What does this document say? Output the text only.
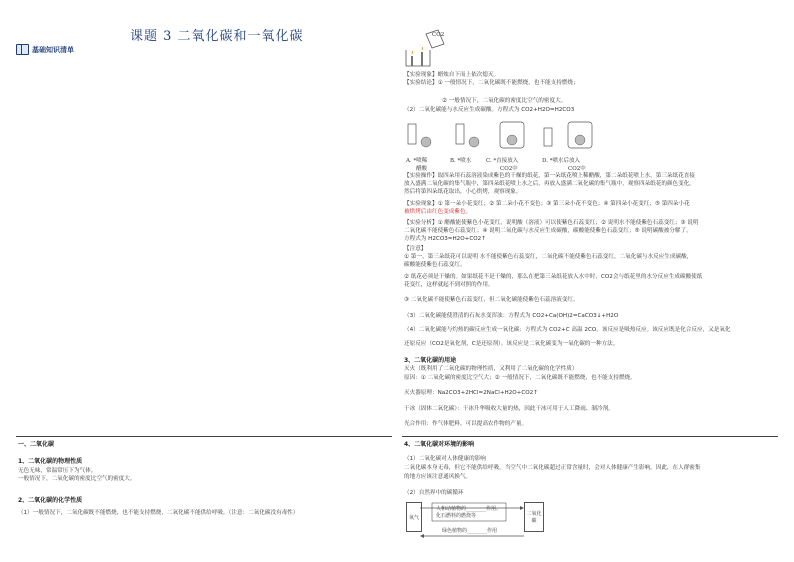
课题 3 二氧化碳和一氧化碳
基础知识清单
CO2
【实验现象】蜡烛自下而上依次熄灭。
【实验结论】① 一般情况下，二氧化碳既不能燃烧，也不能支持燃烧；
② 一般情况下，二氧化碳的密度比空气的密度大。
（2）二氧化碳能与水反应生成碳酸。方程式为 CO2+H2O=H2CO3
A. *喷稀
醋酸
B. *喷水	C. *直接放入
CO2中
D. *喷水后放入
CO2中
【实验操作】取四朵用石蕊溶液染成紫色的干燥的纸花，第一朵纸花喷上稀醋酸，第二朵纸花喷上水，第三朵纸花直接
放入盛满二氧化碳的集气瓶中，第四朵纸花喷上水之后，再放入盛满二氧化碳的集气瓶中，观察四朵纸花的颜色变化。
然后将第四朵纸花取出，小心烘烤，观察现象。
【实验现象】① 第一朵小花变红；② 第二朵小花不变色；③ 第三朵小花不变色；④ 第四朵小花变红；⑤ 第四朵小花
被烘烤后由红色变成紫色。
【实验分析】① 醋酸能使紫色小花变红，说明酸（溶液）可以使紫色石蕊变红；② 说明水不能使紫色石蕊变红；③ 说明
二氧化碳不能使紫色石蕊变红；④ 说明二氧化碳与水反应生成碳酸，碳酸能使紫色石蕊变红；⑤ 说明碳酸被分解了。
方程式为 H2CO3=H2O+CO2↑
【注意】
① 第一、第三朵纸花可以说明 水不能使紫色石蕊变红，二氧化碳不能使紫色石蕊变红，二氧化碳与水反应生成碳酸，
碳酸能使紫色石蕊变红。
② 纸花必须是干燥的。如果纸花不是干燥的，那么在把第三朵纸花放入水中时，CO2会与纸花里的水分反应生成碳酸使纸
花变红，这样就起不到对照的作用。
③ 二氧化碳不能使紫色石蕊变红，但二氧化碳能使紫色石蕊溶液变红。
（3）二氧化碳能使澄清的石灰水变浑浊：方程式为 CO2+Ca(OH)2=CaCO3↓+H2O
（4）二氧化碳能与灼热的碳反应生成一氧化碳：方程式为 CO2+C 高温 2CO。该反应是吸热反应。该反应既是化合反应，又是氧化
还原反应（CO2是氧化剂，C是还原剂）。该反应是二氧化碳变为一氧化碳的一种方法。
3、二氧化碳的用途
灭火（既利用了二氧化碳的物理性质，又利用了二氧化碳的化学性质）
原因：① 二氧化碳的密度比空气大；② 一般情况下，二氧化碳既不能燃烧，也不能支持燃烧。
灭火器原理：Na2CO3+2HCl=2NaCl+H2O+CO2↑
干冰（固体二氧化碳）：干冰升华吸收大量的热，因此干冰可用于人工降雨、制冷剂。
光合作用：作气体肥料，可以提高农作物的产量。
一、二氧化碳
1、二氧化碳的物理性质
无色无味，常温常压下为气体。
一般情况下，二氧化碳的密度比空气的密度大。
2、二氧化碳的化学性质
（1）一般情况下，二氧化碳既不能燃烧，也不能支持燃烧，二氧化碳不能供给呼吸。（注意：二氧化碳没有毒性）
4、二氧化碳对环境的影响
（1）二氧化碳对人体健康的影响
二氧化碳本身无毒，但它不能供给呼吸，当空气中二氧化碳超过正常含量时，会对人体健康产生影响。因此，在人群密集
的地方应该注意通风换气。
（2）自然界中的碳循环
氧气
二氧化碳
人和动植物的________作用、
化石燃料的燃烧等
绿色植物的________作用
